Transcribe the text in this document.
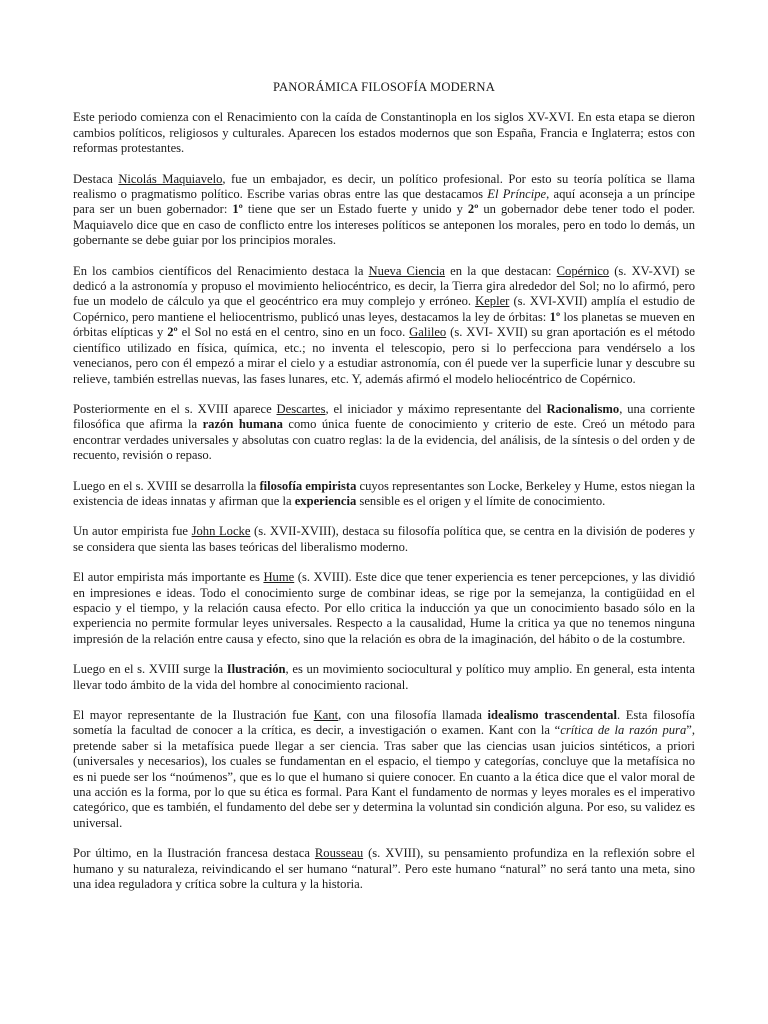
PANORÁMICA FILOSOFÍA MODERNA

Este periodo comienza con el Renacimiento con la caída de Constantinopla en los siglos XV-XVI. En esta etapa se dieron cambios políticos, religiosos y culturales. Aparecen los estados modernos que son España, Francia e Inglaterra; estos con reformas protestantes.

Destaca Nicolás Maquiavelo, fue un embajador, es decir, un político profesional. Por esto su teoría política se llama realismo o pragmatismo político. Escribe varias obras entre las que destacamos El Príncipe, aquí aconseja a un príncipe para ser un buen gobernador: 1º tiene que ser un Estado fuerte y unido y 2º un gobernador debe tener todo el poder. Maquiavelo dice que en caso de conflicto entre los intereses políticos se anteponen los morales, pero en todo lo demás, un gobernante se debe guiar por los principios morales.

En los cambios científicos del Renacimiento destaca la Nueva Ciencia en la que destacan: Copérnico (s. XV-XVI) se dedicó a la astronomía y propuso el movimiento heliocéntrico, es decir, la Tierra gira alrededor del Sol; no lo afirmó, pero fue un modelo de cálculo ya que el geocéntrico era muy complejo y erróneo. Kepler (s. XVI-XVII) amplía el estudio de Copérnico, pero mantiene el heliocentrismo, publicó unas leyes, destacamos la ley de órbitas: 1º los planetas se mueven en órbitas elípticas y 2º el Sol no está en el centro, sino en un foco. Galileo (s. XVI- XVII) su gran aportación es el método científico utilizado en física, química, etc.; no inventa el telescopio, pero si lo perfecciona para vendérselo a los venecianos, pero con él empezó a mirar el cielo y a estudiar astronomía, con él puede ver la superficie lunar y descubre su relieve, también estrellas nuevas, las fases lunares, etc. Y, además afirmó el modelo heliocéntrico de Copérnico.

Posteriormente en el s. XVIII aparece Descartes, el iniciador y máximo representante del Racionalismo, una corriente filosófica que afirma la razón humana como única fuente de conocimiento y criterio de este. Creó un método para encontrar verdades universales y absolutas con cuatro reglas: la de la evidencia, del análisis, de la síntesis o del orden y de recuento, revisión o repaso.

Luego en el s. XVIII se desarrolla la filosofía empirista cuyos representantes son Locke, Berkeley y Hume, estos niegan la existencia de ideas innatas y afirman que la experiencia sensible es el origen y el límite de conocimiento.

Un autor empirista fue John Locke (s. XVII-XVIII), destaca su filosofía política que, se centra en la división de poderes y se considera que sienta las bases teóricas del liberalismo moderno.

El autor empirista más importante es Hume (s. XVIII). Este dice que tener experiencia es tener percepciones, y las dividió en impresiones e ideas. Todo el conocimiento surge de combinar ideas, se rige por la semejanza, la contigüidad en el espacio y el tiempo, y la relación causa efecto. Por ello critica la inducción ya que un conocimiento basado sólo en la experiencia no permite formular leyes universales. Respecto a la causalidad, Hume la critica ya que no tenemos ninguna impresión de la relación entre causa y efecto, sino que la relación es obra de la imaginación, del hábito o de la costumbre.

Luego en el s. XVIII surge la Ilustración, es un movimiento sociocultural y político muy amplio. En general, esta intenta llevar todo ámbito de la vida del hombre al conocimiento racional.

El mayor representante de la Ilustración fue Kant, con una filosofía llamada idealismo trascendental. Esta filosofía sometía la facultad de conocer a la crítica, es decir, a investigación o examen. Kant con la “crítica de la razón pura”, pretende saber si la metafísica puede llegar a ser ciencia. Tras saber que las ciencias usan juicios sintéticos, a priori (universales y necesarios), los cuales se fundamentan en el espacio, el tiempo y categorías, concluye que la metafísica no es ni puede ser los “noúmenos”, que es lo que el humano si quiere conocer. En cuanto a la ética dice que el valor moral de una acción es la forma, por lo que su ética es formal. Para Kant el fundamento de normas y leyes morales es el imperativo categórico, que es también, el fundamento del debe ser y determina la voluntad sin condición alguna. Por eso, su validez es universal.

Por último, en la Ilustración francesa destaca Rousseau (s. XVIII), su pensamiento profundiza en la reflexión sobre el humano y su naturaleza, reivindicando el ser humano “natural”. Pero este humano “natural” no será tanto una meta, sino una idea reguladora y crítica sobre la cultura y la historia.
